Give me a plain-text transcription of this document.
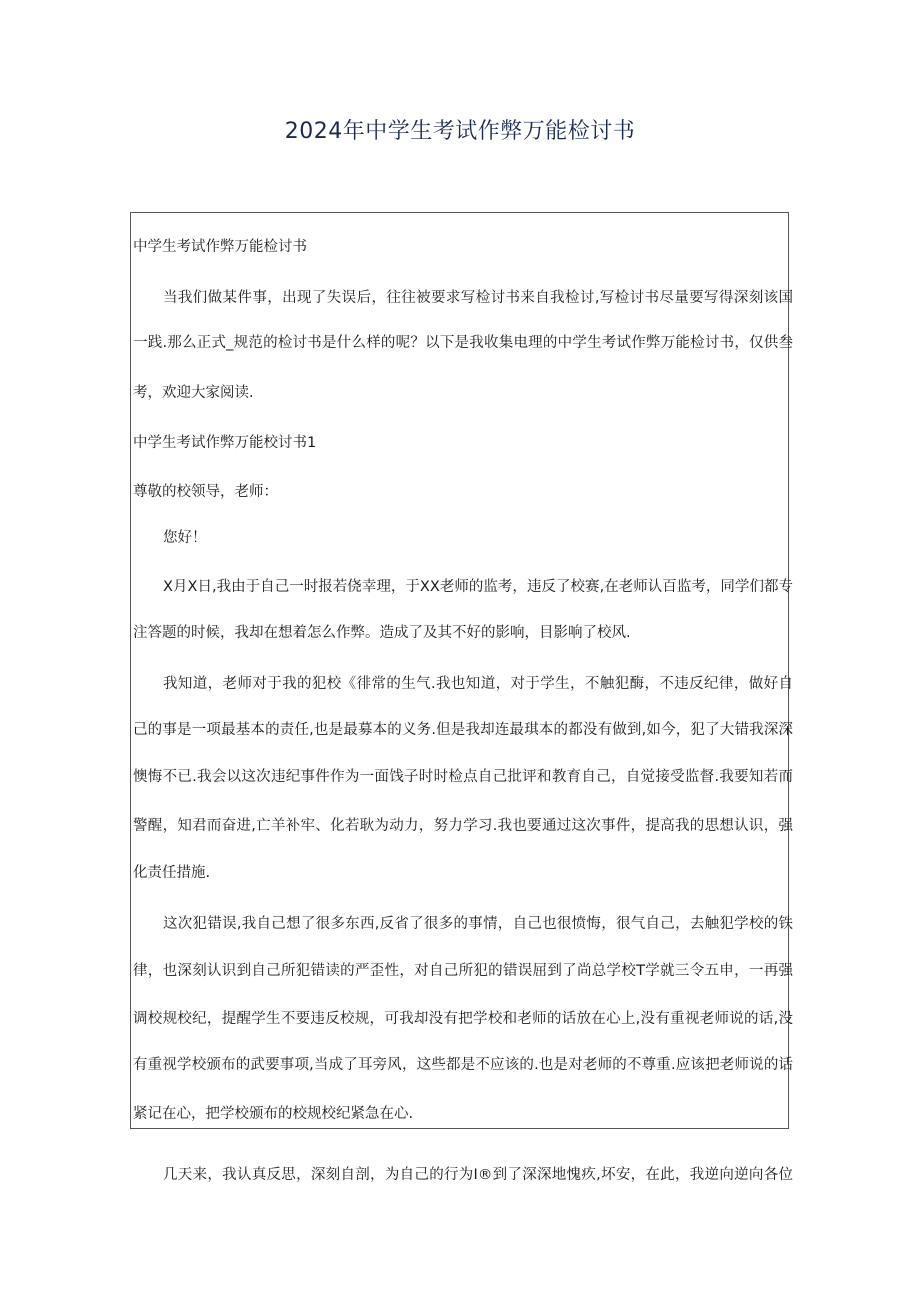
2024年中学生考试作弊万能检讨书

中学生考试作弊万能检讨书

当我们做某件事，出现了失误后，往往被要求写检讨书来自我检讨,写检讨书尽量要写得深刻该国

一践.那么正式_规范的检讨书是什么样的呢？以下是我收集电理的中学生考试作弊万能检讨书，仅供叁

考，欢迎大家阅读.

中学生考试作弊万能校讨书1

尊敬的校领导，老师：

您好！

X月X日,我由于自己一时报若侥幸理，于XX老师的监考，违反了校赛,在老师认百监考，同学们都专

注答题的时候，我却在想着怎么作弊。造成了及其不好的影响，目影响了校风.

我知道，老师对于我的犯校《徘常的生气.我也知道，对于学生，不触犯酶，不违反纪律，做好自

己的事是一项最基本的责任,也是最募本的义务.但是我却连最琪本的都没有做到,如今，犯了大错我深深

懊悔不已.我会以这次违纪事件作为一面饯子时时检点自己批评和教育自己，自觉接受监督.我要知若而

警醒，知君而奋进,亡羊补牢、化若耿为动力，努力学习.我也要通过这次事件，提高我的思想认识，强

化责任措施.

这次犯错误,我自己想了很多东西,反省了很多的事情，自己也很愤悔，很气自己，去触犯学校的铁

律，也深刻认识到自己所犯错读的严歪性，对自己所犯的错误屈到了尚总学校T学就三令五申，一再强

调校规校纪，提醒学生不要违反校规，可我却没有把学校和老师的话放在心上,没有重视老师说的话,没

有重视学校颁布的武要事项,当成了耳旁风，这些都是不应该的.也是对老师的不尊重.应该把老师说的话

紧记在心，把学校颁布的校规校纪紧急在心.

几天来，我认真反思，深刻自剖，为自己的行为I®到了深深地愧疚,坏安，在此，我逆向逆向各位
